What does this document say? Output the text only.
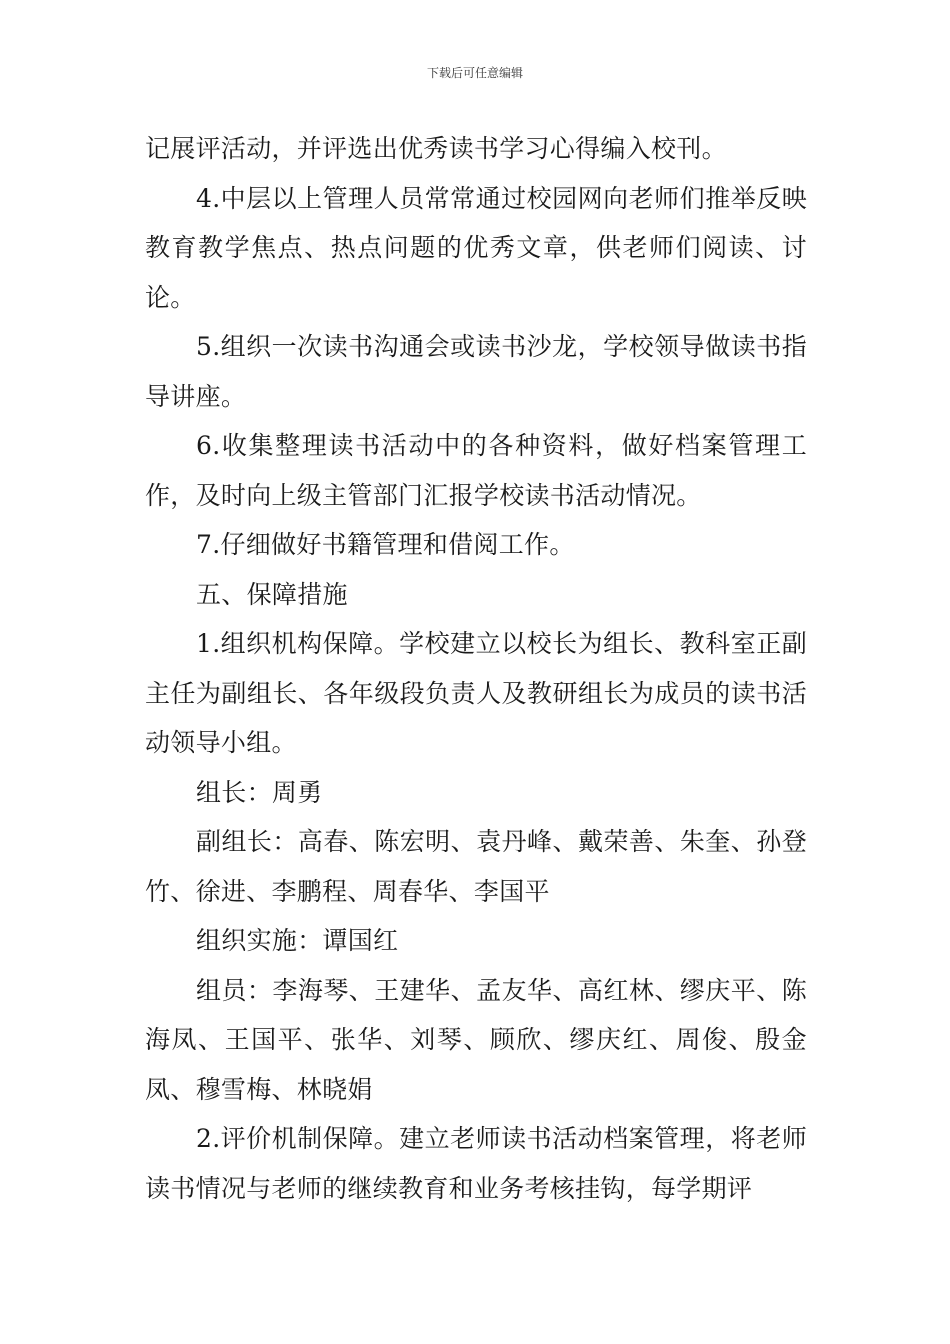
下载后可任意编辑

记展评活动，并评选出优秀读书学习心得编入校刊。

4.中层以上管理人员常常通过校园网向老师们推举反映教育教学焦点、热点问题的优秀文章，供老师们阅读、讨论。

5.组织一次读书沟通会或读书沙龙，学校领导做读书指导讲座。

6.收集整理读书活动中的各种资料，做好档案管理工作，及时向上级主管部门汇报学校读书活动情况。

7.仔细做好书籍管理和借阅工作。

五、保障措施

1.组织机构保障。学校建立以校长为组长、教科室正副主任为副组长、各年级段负责人及教研组长为成员的读书活动领导小组。

组长：周勇

副组长：高春、陈宏明、袁丹峰、戴荣善、朱奎、孙登竹、徐进、李鹏程、周春华、李国平

组织实施：谭国红

组员：李海琴、王建华、孟友华、高红林、缪庆平、陈海凤、王国平、张华、刘琴、顾欣、缪庆红、周俊、殷金凤、穆雪梅、林晓娟

2.评价机制保障。建立老师读书活动档案管理，将老师读书情况与老师的继续教育和业务考核挂钩，每学期评
